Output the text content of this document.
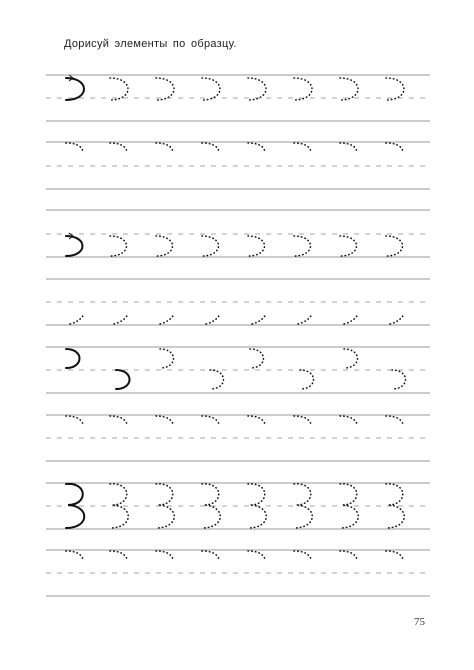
Дорисуй элементы по образцу.
75
